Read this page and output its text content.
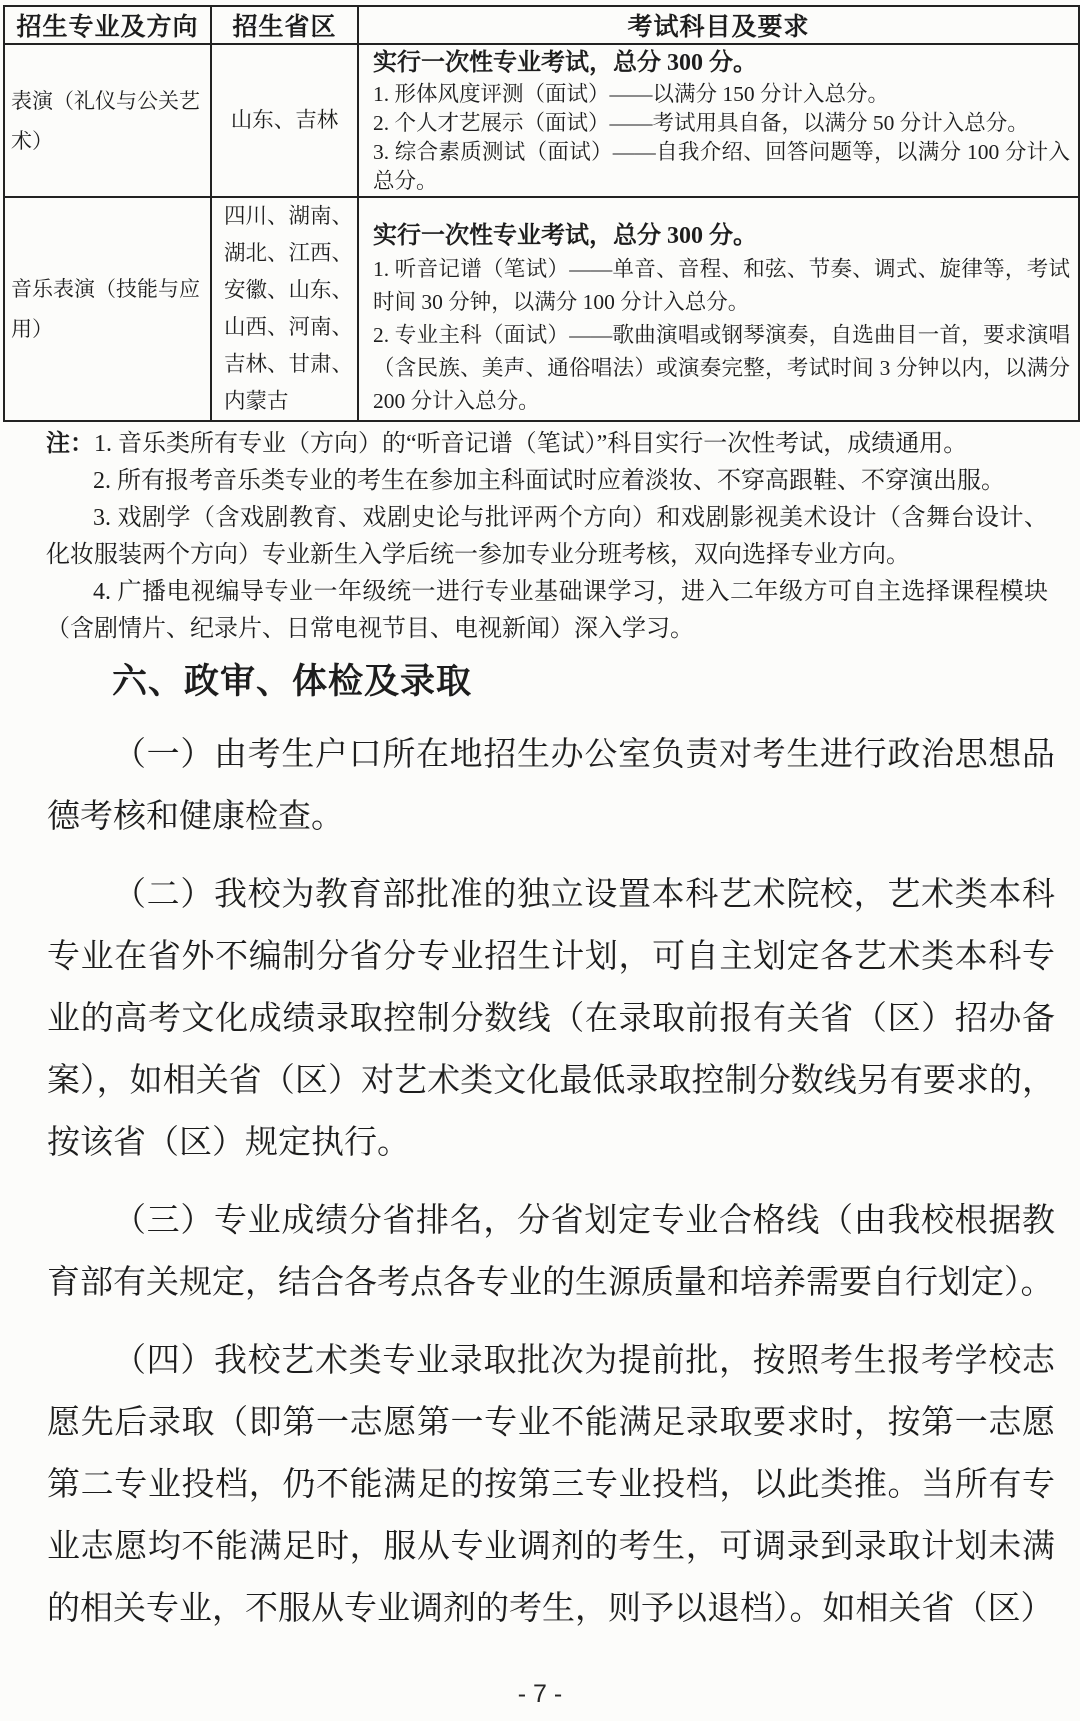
招生专业及方向	招生省区	考试科目及要求
表演（礼仪与公关艺术）	山东、吉林	实行一次性专业考试，总分 300 分。
1. 形体风度评测（面试）——以满分 150 分计入总分。
2. 个人才艺展示（面试）——考试用具自备，以满分 50 分计入总分。
3. 综合素质测试（面试）——自我介绍、回答问题等，以满分 100 分计入总分。

音乐表演（技能与应用）	四川、湖南、湖北、江西、安徽、山东、山西、河南、吉林、甘肃、内蒙古	实行一次性专业考试，总分 300 分。
1. 听音记谱（笔试）——单音、音程、和弦、节奏、调式、旋律等，考试时间 30 分钟，以满分 100 分计入总分。
2. 专业主科（面试）——歌曲演唱或钢琴演奏，自选曲目一首，要求演唱（含民族、美声、通俗唱法）或演奏完整，考试时间 3 分钟以内，以满分 200 分计入总分。
注：1. 音乐类所有专业（方向）的“听音记谱（笔试）”科目实行一次性考试，成绩通用。
2. 所有报考音乐类专业的考生在参加主科面试时应着淡妆、不穿高跟鞋、不穿演出服。
3. 戏剧学（含戏剧教育、戏剧史论与批评两个方向）和戏剧影视美术设计（含舞台设计、化妆服装两个方向）专业新生入学后统一参加专业分班考核，双向选择专业方向。
4. 广播电视编导专业一年级统一进行专业基础课学习，进入二年级方可自主选择课程模块（含剧情片、纪录片、日常电视节目、电视新闻）深入学习。
六、政审、体检及录取

（一）由考生户口所在地招生办公室负责对考生进行政治思想品德考核和健康检查。

（二）我校为教育部批准的独立设置本科艺术院校，艺术类本科专业在省外不编制分省分专业招生计划，可自主划定各艺术类本科专业的高考文化成绩录取控制分数线（在录取前报有关省（区）招办备案），如相关省（区）对艺术类文化最低录取控制分数线另有要求的，按该省（区）规定执行。

（三）专业成绩分省排名，分省划定专业合格线（由我校根据教育部有关规定，结合各考点各专业的生源质量和培养需要自行划定）。

（四）我校艺术类专业录取批次为提前批，按照考生报考学校志愿先后录取（即第一志愿第一专业不能满足录取要求时，按第一志愿第二专业投档，仍不能满足的按第三专业投档，以此类推。当所有专业志愿均不能满足时，服从专业调剂的考生，可调录到录取计划未满的相关专业，不服从专业调剂的考生，则予以退档）。如相关省（区）

- 7 -
